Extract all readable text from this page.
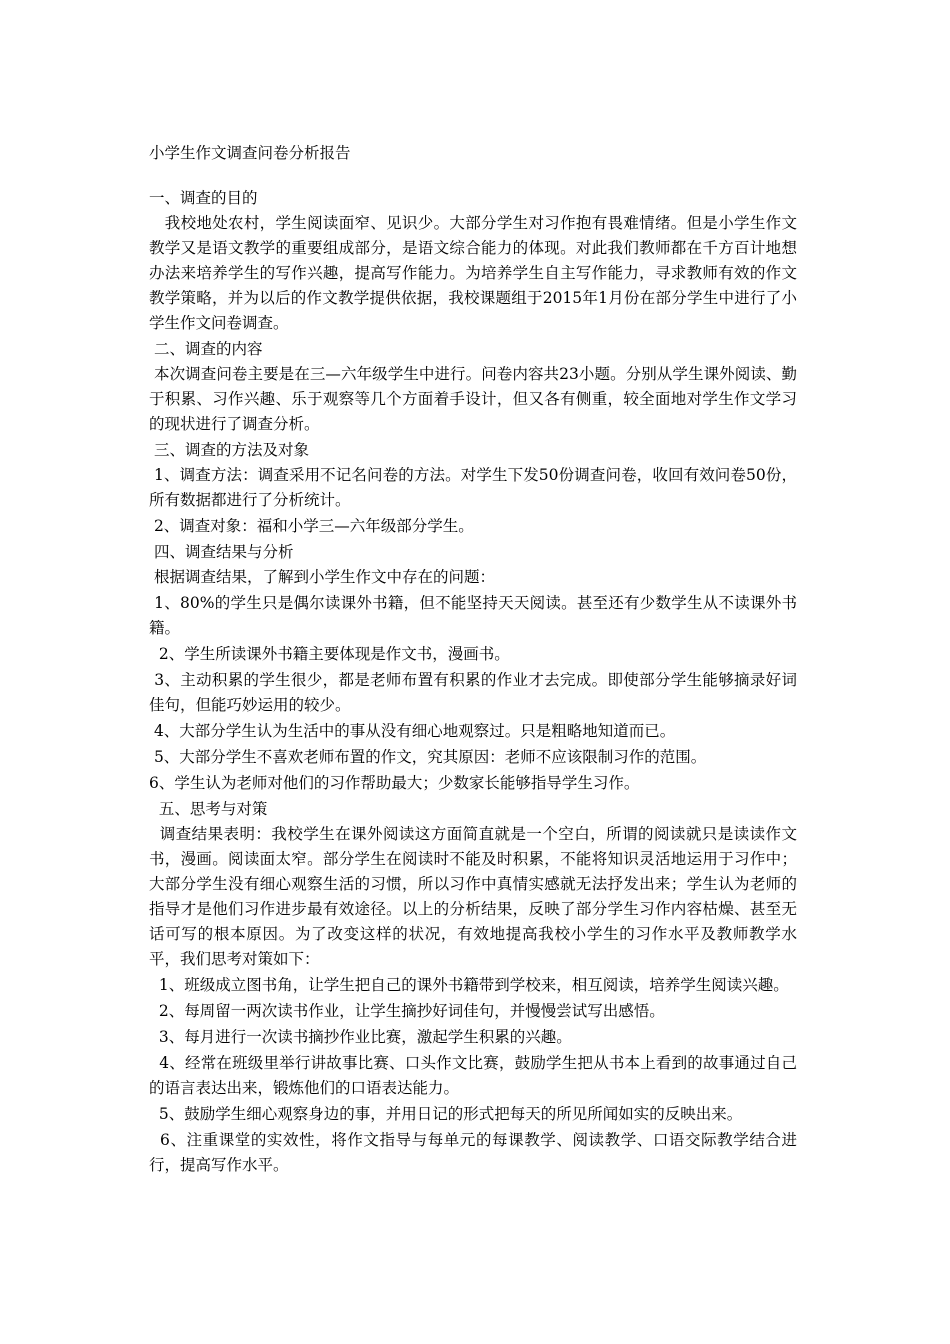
小学生作文调查问卷分析报告

一、调查的目的

　我校地处农村，学生阅读面窄、见识少。大部分学生对习作抱有畏难情绪。但是小学生作文教学又是语文教学的重要组成部分，是语文综合能力的体现。对此我们教师都在千方百计地想办法来培养学生的写作兴趣，提高写作能力。为培养学生自主写作能力，寻求教师有效的作文教学策略，并为以后的作文教学提供依据，我校课题组于2015年1月份在部分学生中进行了小学生作文问卷调查。

二、调查的内容

本次调查问卷主要是在三—六年级学生中进行。问卷内容共23小题。分别从学生课外阅读、勤于积累、习作兴趣、乐于观察等几个方面着手设计，但又各有侧重，较全面地对学生作文学习的现状进行了调查分析。

三、调查的方法及对象

1、调查方法：调查采用不记名问卷的方法。对学生下发50份调查问卷，收回有效问卷50份，所有数据都进行了分析统计。

2、调查对象：福和小学三—六年级部分学生。

四、调查结果与分析

根据调查结果，了解到小学生作文中存在的问题：

1、80%的学生只是偶尔读课外书籍，但不能坚持天天阅读。甚至还有少数学生从不读课外书籍。

2、学生所读课外书籍主要体现是作文书，漫画书。

3、主动积累的学生很少，都是老师布置有积累的作业才去完成。即使部分学生能够摘录好词佳句，但能巧妙运用的较少。

4、大部分学生认为生活中的事从没有细心地观察过。只是粗略地知道而已。

5、大部分学生不喜欢老师布置的作文，究其原因：老师不应该限制习作的范围。

6、学生认为老师对他们的习作帮助最大；少数家长能够指导学生习作。

五、思考与对策

调查结果表明：我校学生在课外阅读这方面简直就是一个空白，所谓的阅读就只是读读作文书，漫画。阅读面太窄。部分学生在阅读时不能及时积累，不能将知识灵活地运用于习作中；大部分学生没有细心观察生活的习惯，所以习作中真情实感就无法抒发出来；学生认为老师的指导才是他们习作进步最有效途径。以上的分析结果，反映了部分学生习作内容枯燥、甚至无话可写的根本原因。为了改变这样的状况，有效地提高我校小学生的习作水平及教师教学水平，我们思考对策如下：

1、班级成立图书角，让学生把自己的课外书籍带到学校来，相互阅读，培养学生阅读兴趣。

2、每周留一两次读书作业，让学生摘抄好词佳句，并慢慢尝试写出感悟。

3、每月进行一次读书摘抄作业比赛，激起学生积累的兴趣。

4、经常在班级里举行讲故事比赛、口头作文比赛，鼓励学生把从书本上看到的故事通过自己的语言表达出来，锻炼他们的口语表达能力。

5、鼓励学生细心观察身边的事，并用日记的形式把每天的所见所闻如实的反映出来。

6、注重课堂的实效性，将作文指导与每单元的每课教学、阅读教学、口语交际教学结合进行，提高写作水平。
